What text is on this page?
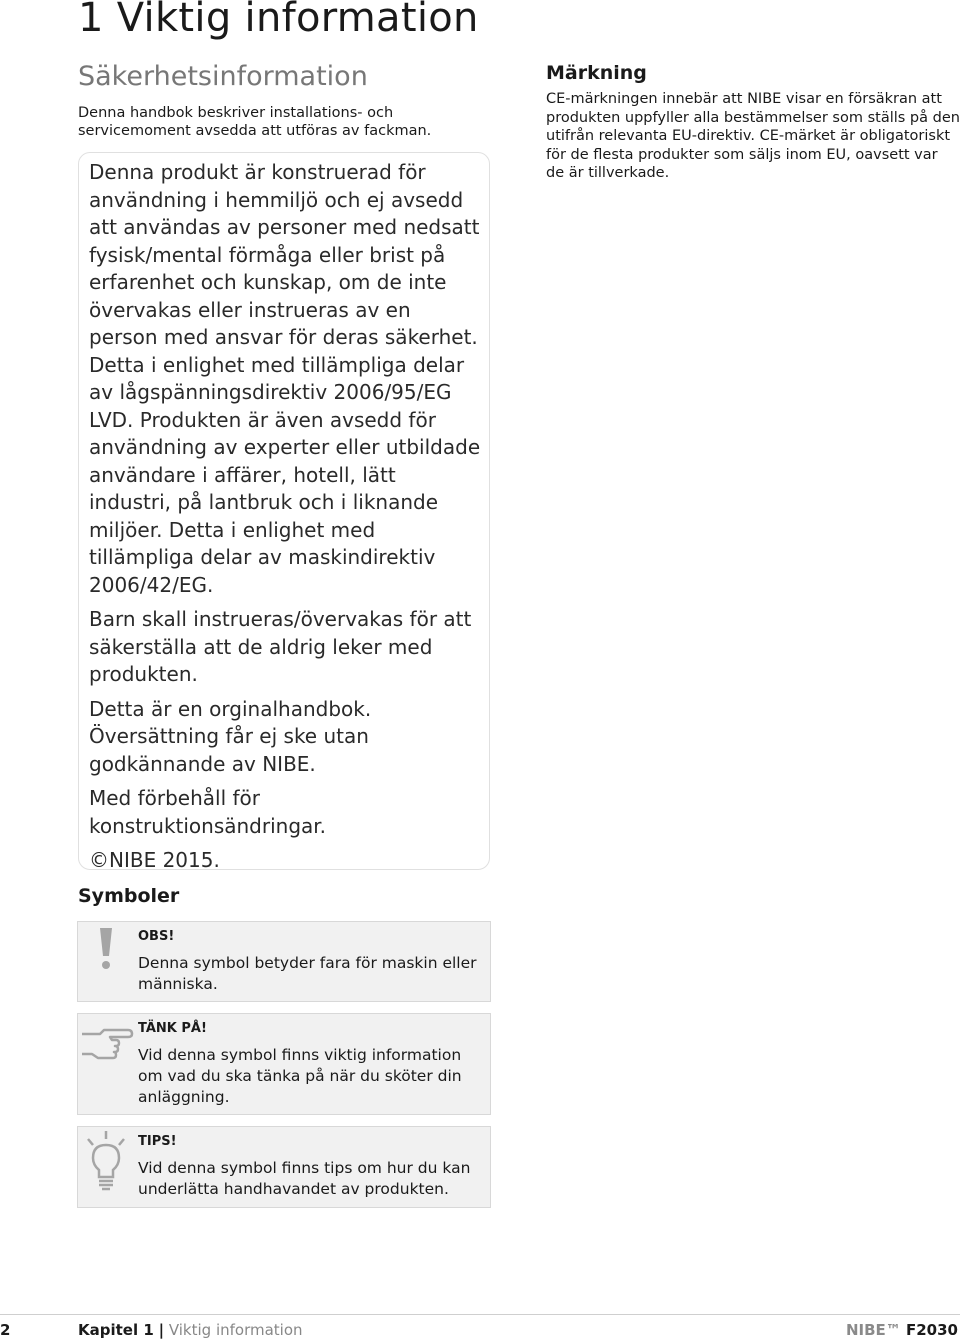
1 Viktig information
Säkerhetsinformation

Denna handbok beskriver installations- och servicemoment avsedda att utföras av fackman.

Denna produkt är konstruerad för användning i hemmiljö och ej avsedd att användas av personer med nedsatt fysisk/mental förmåga eller brist på erfarenhet och kunskap, om de inte övervakas eller instrueras av en person med ansvar för deras säkerhet. Detta i enlighet med tillämpliga delar av lågspänningsdirektiv 2006/95/EG LVD. Produkten är även avsedd för användning av experter eller utbildade användare i affärer, hotell, lätt industri, på lantbruk och i liknande miljöer. Detta i enlighet med tillämpliga delar av maskindirektiv 2006/42/EG.

Barn skall instrueras/övervakas för att säkerställa att de aldrig leker med produkten.

Detta är en orginalhandbok. Översättning får ej ske utan godkännande av NIBE.

Med förbehåll för konstruktionsändringar.

©NIBE 2015.

Märkning

CE-märkningen innebär att NIBE visar en försäkran att produkten uppfyller alla bestämmelser som ställs på den utifrån relevanta EU-direktiv. CE-märket är obligatoriskt för de flesta produkter som säljs inom EU, oavsett var de är tillverkade.

Symboler
OBS!
Denna symbol betyder fara för maskin eller människa.
TÄNK PÅ!
Vid denna symbol finns viktig information om vad du ska tänka på när du sköter din anläggning.
TIPS!
Vid denna symbol finns tips om hur du kan underlätta handhavandet av produkten.
2	Kapitel 1 | Viktig information	NIBE™ F2030
